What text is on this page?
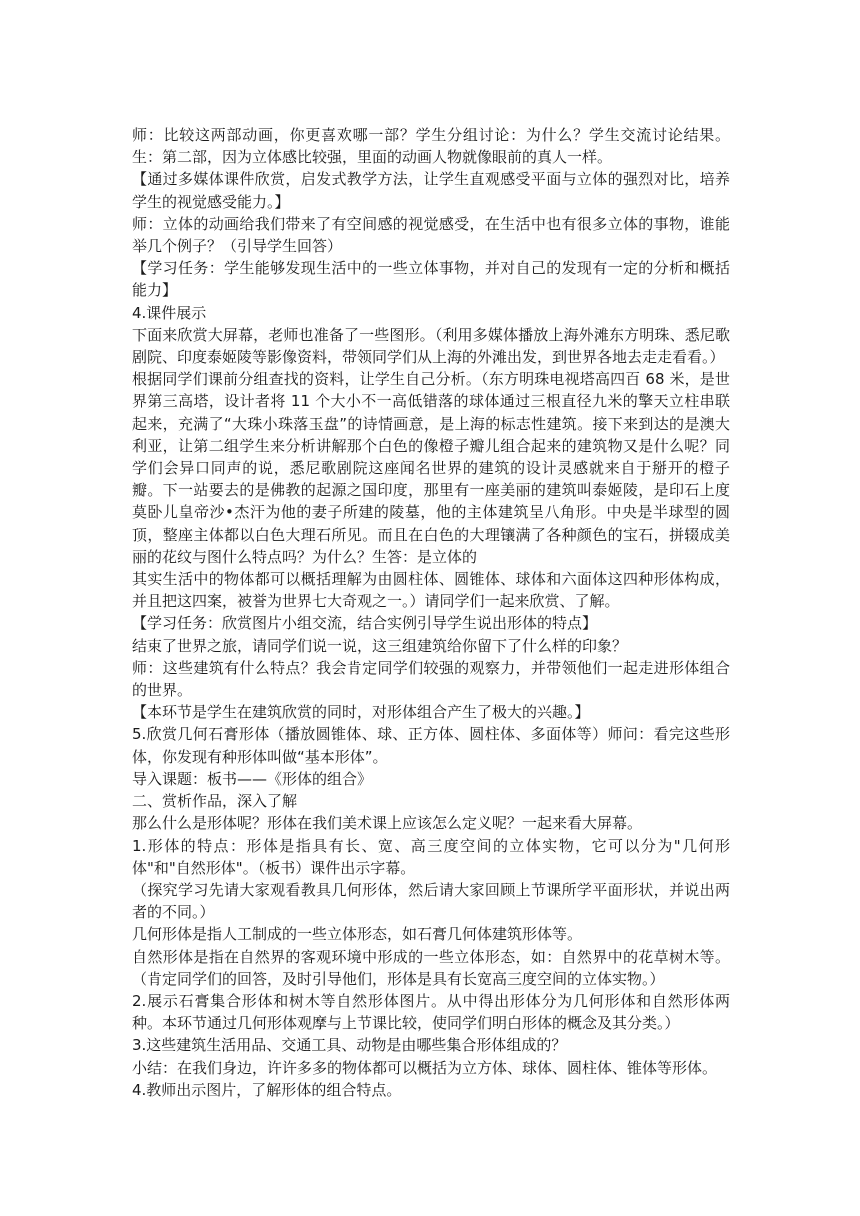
师：比较这两部动画，你更喜欢哪一部？学生分组讨论：为什么？学生交流讨论结果。生：第二部，因为立体感比较强，里面的动画人物就像眼前的真人一样。

【通过多媒体课件欣赏，启发式教学方法，让学生直观感受平面与立体的强烈对比，培养学生的视觉感受能力。】

师：立体的动画给我们带来了有空间感的视觉感受，在生活中也有很多立体的事物，谁能举几个例子？（引导学生回答）

【学习任务：学生能够发现生活中的一些立体事物，并对自己的发现有一定的分析和概括能力】

4.课件展示

下面来欣赏大屏幕，老师也准备了一些图形。（利用多媒体播放上海外滩东方明珠、悉尼歌剧院、印度泰姬陵等影像资料，带领同学们从上海的外滩出发，到世界各地去走走看看。）

根据同学们课前分组查找的资料，让学生自己分析。（东方明珠电视塔高四百 68 米，是世界第三高塔，设计者将 11 个大小不一高低错落的球体通过三根直径九米的擎天立柱串联起来，充满了“大珠小珠落玉盘”的诗情画意，是上海的标志性建筑。接下来到达的是澳大利亚，让第二组学生来分析讲解那个白色的像橙子瓣儿组合起来的建筑物又是什么呢？同学们会异口同声的说，悉尼歌剧院这座闻名世界的建筑的设计灵感就来自于掰开的橙子瓣。下一站要去的是佛教的起源之国印度，那里有一座美丽的建筑叫泰姬陵，是印石上度莫卧儿皇帝沙•杰汗为他的妻子所建的陵墓，他的主体建筑呈八角形。中央是半球型的圆顶，整座主体都以白色大理石所见。而且在白色的大理镶满了各种颜色的宝石，拼辍成美丽的花纹与图什么特点吗？为什么？生答：是立体的

其实生活中的物体都可以概括理解为由圆柱体、圆锥体、球体和六面体这四种形体构成，并且把这四案，被誉为世界七大奇观之一。）请同学们一起来欣赏、了解。

【学习任务：欣赏图片小组交流，结合实例引导学生说出形体的特点】

结束了世界之旅，请同学们说一说，这三组建筑给你留下了什么样的印象？

师：这些建筑有什么特点？我会肯定同学们较强的观察力，并带领他们一起走进形体组合的世界。

【本环节是学生在建筑欣赏的同时，对形体组合产生了极大的兴趣。】

5.欣赏几何石膏形体（播放圆锥体、球、正方体、圆柱体、多面体等）师问：看完这些形体，你发现有种形体叫做“基本形体”。

导入课题：板书——《形体的组合》

二、赏析作品，深入了解

那么什么是形体呢？形体在我们美术课上应该怎么定义呢？一起来看大屏幕。

1.形体的特点：形体是指具有长、宽、高三度空间的立体实物，它可以分为"几何形体"和"自然形体"。（板书）课件出示字幕。

（探究学习先请大家观看教具几何形体，然后请大家回顾上节课所学平面形状，并说出两者的不同。）

几何形体是指人工制成的一些立体形态，如石膏几何体建筑形体等。

自然形体是指在自然界的客观环境中形成的一些立体形态，如：自然界中的花草树木等。（肯定同学们的回答，及时引导他们，形体是具有长宽高三度空间的立体实物。）

2.展示石膏集合形体和树木等自然形体图片。从中得出形体分为几何形体和自然形体两种。本环节通过几何形体观摩与上节课比较，使同学们明白形体的概念及其分类。）

3.这些建筑生活用品、交通工具、动物是由哪些集合形体组成的？

小结：在我们身边，许许多多的物体都可以概括为立方体、球体、圆柱体、锥体等形体。

4.教师出示图片，了解形体的组合特点。
